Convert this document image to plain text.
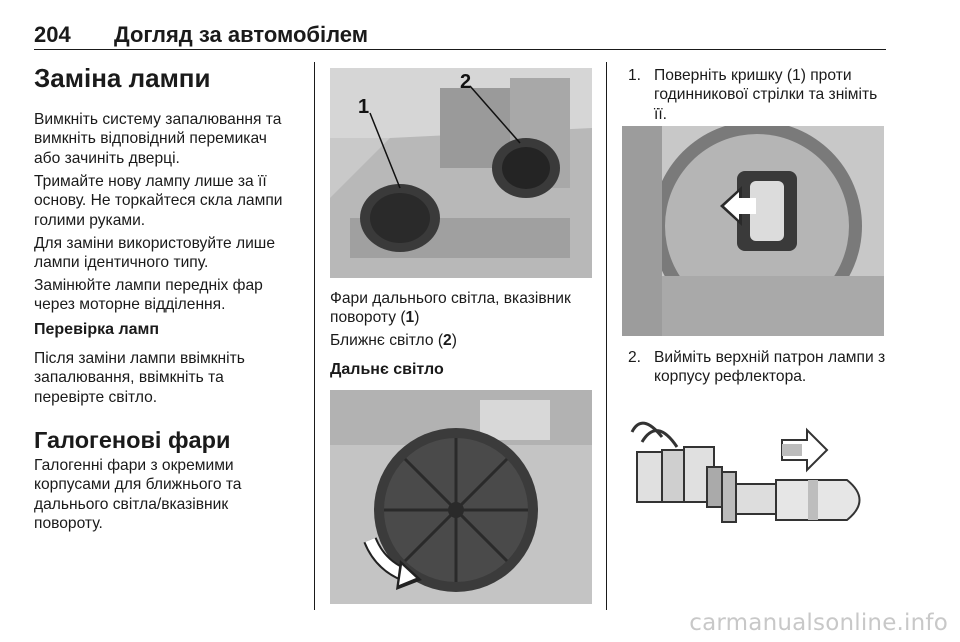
204 Догляд за автомобілем
Заміна лампи
Вимкніть систему запалювання та
вимкніть відповідний перемикач
або зачиніть дверці.
Тримайте нову лампу лише за її
основу. Не торкайтеся скла лампи
голими руками.
Для заміни використовуйте лише
лампи ідентичного типу.
Замінюйте лампи передніх фар
через моторне відділення.
Перевірка ламп
Після заміни лампи ввімкніть
запалювання, ввімкніть та
перевірте світло.
Галогенові фари
Галогенні фари з окремими
корпусами для ближнього та
дальнього світла/вказівник
повороту.
1
2
Фари дальнього світла, вказівник
повороту (1)
Ближнє світло (2)
Дальнє світло
1. Поверніть кришку (1) проти
годинникової стрілки та зніміть
її.
2. Вийміть верхній патрон лампи з
корпусу рефлектора.
carmanualsonline.info
